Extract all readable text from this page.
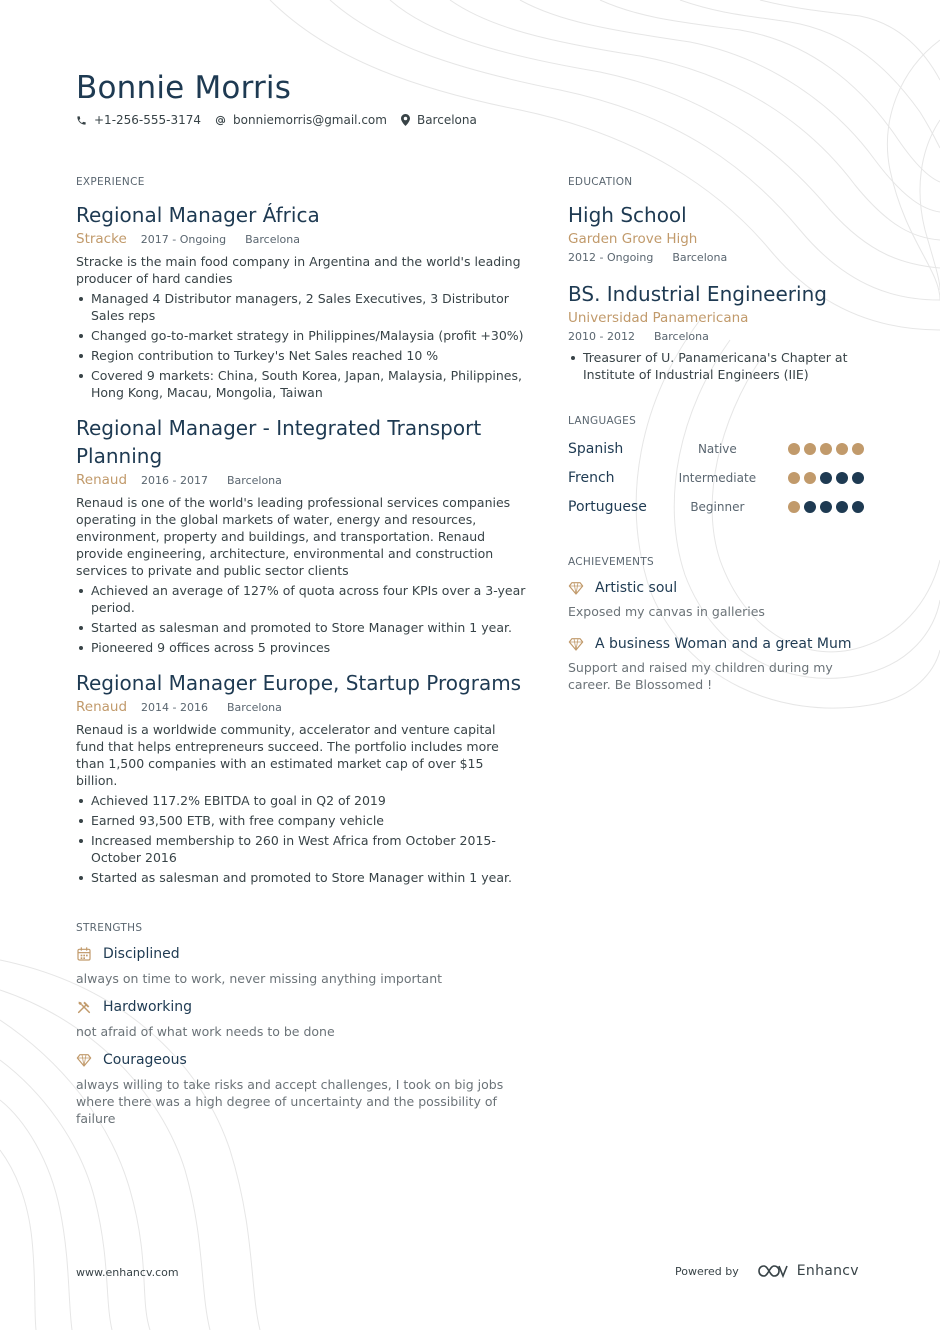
Bonnie Morris
+1-256-555-3174	bonniemorris@gmail.com	Barcelona
EXPERIENCE
Regional Manager África
Stracke 2017 - Ongoing Barcelona
Stracke is the main food company in Argentina and the world's leading producer of hard candies
Managed 4 Distributor managers, 2 Sales Executives, 3 Distributor Sales reps
Changed go-to-market strategy in Philippines/Malaysia (profit +30%)
Region contribution to Turkey's Net Sales reached 10 %
Covered 9 markets: China, South Korea, Japan, Malaysia, Philippines, Hong Kong, Macau, Mongolia, Taiwan
Regional Manager - Integrated Transport Planning
Renaud 2016 - 2017 Barcelona
Renaud is one of the world's leading professional services companies operating in the global markets of water, energy and resources, environment, property and buildings, and transportation. Renaud provide engineering, architecture, environmental and construction services to private and public sector clients
Achieved an average of 127% of quota across four KPIs over a 3-year period.
Started as salesman and promoted to Store Manager within 1 year.
Pioneered 9 offices across 5 provinces
Regional Manager Europe, Startup Programs
Renaud 2014 - 2016 Barcelona
Renaud is a worldwide community, accelerator and venture capital fund that helps entrepreneurs succeed. The portfolio includes more than 1,500 companies with an estimated market cap of over $15 billion.
Achieved 117.2% EBITDA to goal in Q2 of 2019
Earned 93,500 ETB, with free company vehicle
Increased membership to 260 in West Africa from October 2015-October 2016
Started as salesman and promoted to Store Manager within 1 year.
STRENGTHS
Disciplined
always on time to work, never missing anything important
Hardworking
not afraid of what work needs to be done
Courageous
always willing to take risks and accept challenges, I took on big jobs where there was a high degree of uncertainty and the possibility of failure
EDUCATION
High School
Garden Grove High
2012 - Ongoing Barcelona
BS. Industrial Engineering
Universidad Panamericana
2010 - 2012 Barcelona
Treasurer of U. Panamericana's Chapter at Institute of Industrial Engineers (IIE)
LANGUAGES
Spanish	Native
French	Intermediate
Portuguese	Beginner
ACHIEVEMENTS
Artistic soul
Exposed my canvas in galleries
A business Woman and a great Mum
Support and raised my children during my career. Be Blossomed !
www.enhancv.com	Powered by	Enhancv
